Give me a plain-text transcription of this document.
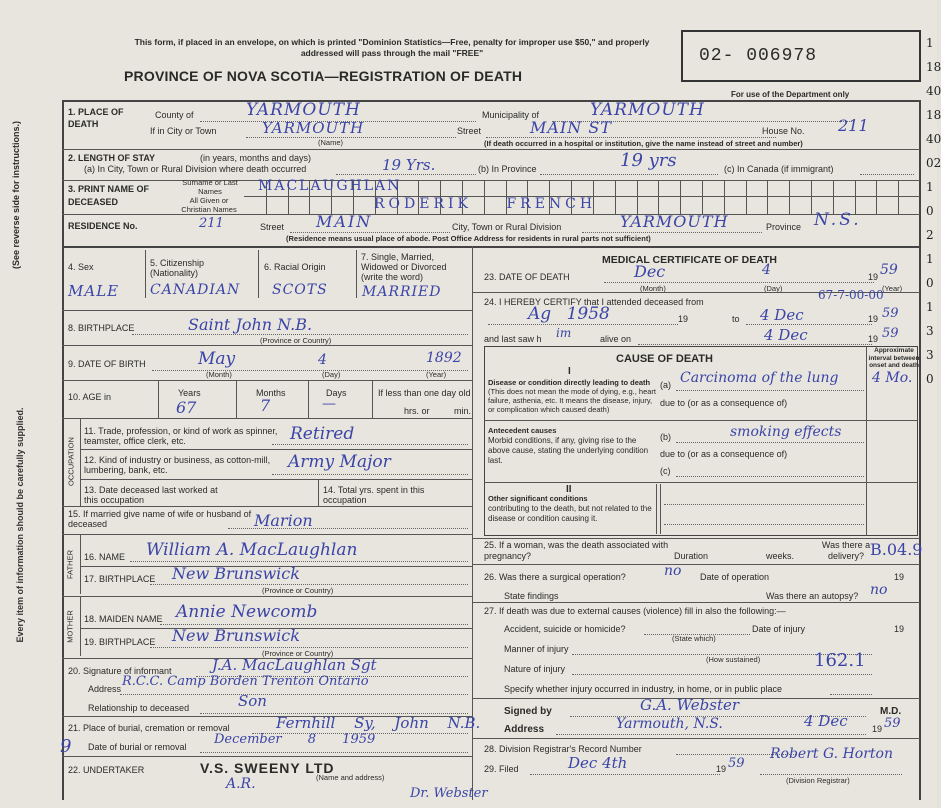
Every item of information should be carefully supplied.
(See reverse side for instructions.)
This form, if placed in an envelope, on which is printed "Dominion Statistics—Free, penalty for improper use $50," and properly addressed will pass through the mail "FREE"
PROVINCE OF NOVA SCOTIA—REGISTRATION OF DEATH
02- 006978
For use of the Department only
1
18
40
18
40
02
1
0
2
1
0
1
3
3
0
1. PLACE OF DEATH
County of	YARMOUTH	Municipality of	YARMOUTH
If in City or Town	YARMOUTH
(Name)
Street	MAIN ST	House No. 211
(If death occurred in a hospital or institution, give the name instead of street and number)
2. LENGTH OF STAY	(in years, months and days)
(a) In City, Town or Rural Division where death occurred	19 Yrs.	(b) In Province	19 yrs	(c) In Canada (if immigrant)
3. PRINT NAME OF DECEASED
Surname or Last Names
All Given or Christian Names
MACLAUGHLAN
RODERIK FRENCH
RESIDENCE No.	211	Street MAIN	City, Town or Rural Division	YARMOUTH	Province N.S.
(Residence means usual place of abode. Post Office Address for residents in rural parts not sufficient)
4. Sex
MALE
5. Citizenship (Nationality)
CANADIAN
6. Racial Origin
SCOTS
7. Single, Married, Widowed or Divorced (write the word)
MARRIED
8. BIRTHPLACE	Saint John N.B.
(Province or Country)
9. DATE OF BIRTH	May	4	1892
(Month)	(Day)	(Year)
10. AGE in	Years	Months	Days
67	7	—
If less than one day old
hrs. or	min.
OCCUPATION
11. Trade, profession, or kind of work as spinner, teamster, office clerk, etc.	Retired
12. Kind of industry or business, as cotton-mill, lumbering, bank, etc.	Army Major
13. Date deceased last worked at this occupation
14. Total yrs. spent in this occupation
15. If married give name of wife or husband of deceased	Marion
FATHER 16. NAME William A. MacLaughlan
17. BIRTHPLACE New Brunswick
(Province or Country)
MOTHER 18. MAIDEN NAME Annie Newcomb
19. BIRTHPLACE New Brunswick
(Province or Country)
20. Signature of informant	J.A. MacLaughlan Sgt
Address R.C.C. Camp Borden Trenton Ontario
Relationship to deceased	Son
21. Place of burial, cremation or removal	Fernhill Sy, John N.B.
Date of burial or removal December 8 1959
9
22. UNDERTAKER	V.S. SWEENY LTD
(Name and address)
A.R.
Dr. Webster
MEDICAL CERTIFICATE OF DEATH
23. DATE OF DEATH	Dec	4	19 59
(Month)	(Day)	(Year)
24. I HEREBY CERTIFY that I attended deceased from	67-7-00-00
Ag 1958	19	to 4 Dec	19 59
and last saw h im	alive on	4 Dec	19 59
CAUSE OF DEATH
Approximate interval between onset and death
I
Disease or condition directly leading to death
(This does not mean the mode of dying, e.g., heart failure, asthenia, etc. It means the disease, injury, or complication which caused death)
(a) Carcinoma of the lung 4 Mo.
due to (or as a consequence of)
Antecedent causes
Morbid conditions, if any, giving rise to the above cause, stating the underlying condition last.
(b)	smoking effects
due to (or as a consequence of)
(c)
II
Other significant conditions
contributing to the death, but not related to the disease or condition causing it.
25. If a woman, was the death associated with pregnancy?	Duration	weeks.
Was there a delivery? B.04.9
26. Was there a surgical operation?	no Date of operation	19
State findings	Was there an autopsy? no
27. If death was due to external causes (violence) fill in also the following:—
Accident, suicide or homicide?
(State which)
Date of injury	19
Manner of injury
(How sustained)
Nature of injury	162.1
Specify whether injury occurred in industry, in home, or in public place
Signed by	G.A. Webster	M.D.
Address	Yarmouth, N.S.	4 Dec	19 59
28. Division Registrar's Record Number
29. Filed	Dec 4th	19 59
Robert G. Horton
(Division Registrar)
